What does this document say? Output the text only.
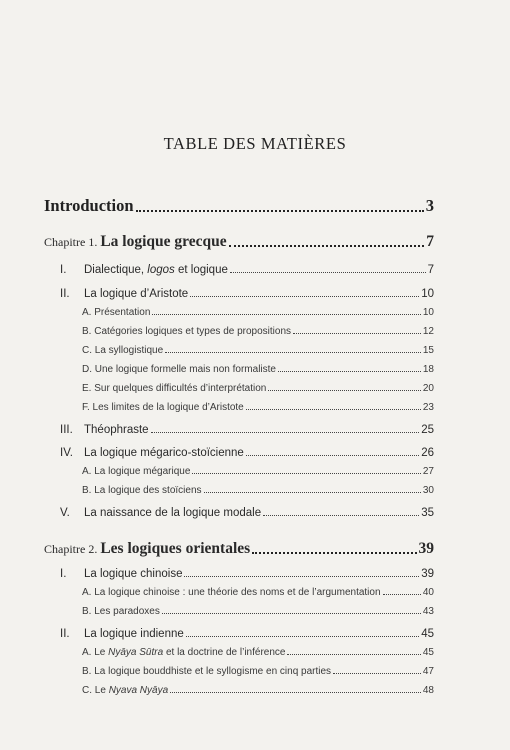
TABLE DES MATIÈRES
Introduction	3
Chapitre 1. La logique grecque	7
I. Dialectique, logos et logique	7
II. La logique d’Aristote	10
A. Présentation	10
B. Catégories logiques et types de propositions	12
C. La syllogistique	15
D. Une logique formelle mais non formaliste	18
E. Sur quelques difficultés d’interprétation	20
F. Les limites de la logique d’Aristote	23
III. Théophraste	25
IV. La logique mégarico-stoïcienne	26
A. La logique mégarique	27
B. La logique des stoïciens	30
V. La naissance de la logique modale	35
Chapitre 2. Les logiques orientales	39
I. La logique chinoise	39
A. La logique chinoise : une théorie des noms et de l’argumentation	40
B. Les paradoxes	43
II. La logique indienne	45
A. Le Nyāya Sūtra et la doctrine de l’inférence	45
B. La logique bouddhiste et le syllogisme en cinq parties	47
C. Le Nyava Nyāya	48
